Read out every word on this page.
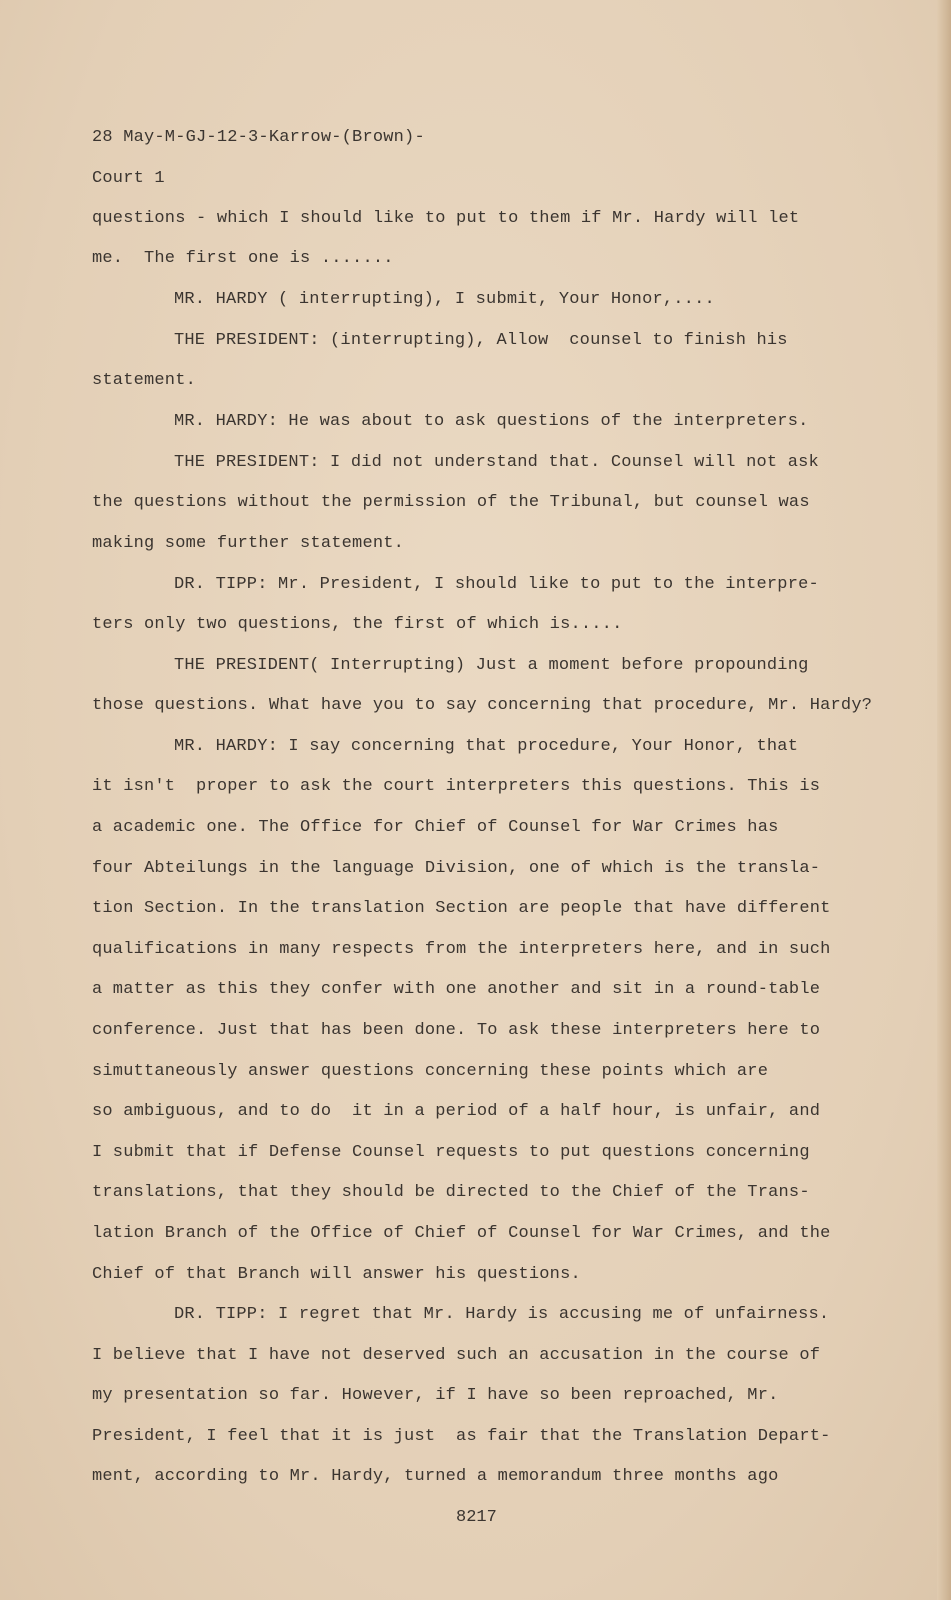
28 May-M-GJ-12-3-Karrow-(Brown)-
Court 1
questions - which I should like to put to them if Mr. Hardy will let
me.  The first one is .......
MR. HARDY ( interrupting), I submit, Your Honor,....
THE PRESIDENT: (interrupting), Allow  counsel to finish his
statement.
MR. HARDY: He was about to ask questions of the interpreters.
THE PRESIDENT: I did not understand that. Counsel will not ask
the questions without the permission of the Tribunal, but counsel was
making some further statement.
DR. TIPP: Mr. President, I should like to put to the interpre-
ters only two questions, the first of which is.....
THE PRESIDENT( Interrupting) Just a moment before propounding
those questions. What have you to say concerning that procedure, Mr. Hardy?
MR. HARDY: I say concerning that procedure, Your Honor, that
it isn't  proper to ask the court interpreters this questions. This is
a academic one. The Office for Chief of Counsel for War Crimes has
four Abteilungs in the language Division, one of which is the transla-
tion Section. In the translation Section are people that have different
qualifications in many respects from the interpreters here, and in such
a matter as this they confer with one another and sit in a round-table
conference. Just that has been done. To ask these interpreters here to
simuttaneously answer questions concerning these points which are
so ambiguous, and to do  it in a period of a half hour, is unfair, and
I submit that if Defense Counsel requests to put questions concerning
translations, that they should be directed to the Chief of the Trans-
lation Branch of the Office of Chief of Counsel for War Crimes, and the
Chief of that Branch will answer his questions.
DR. TIPP: I regret that Mr. Hardy is accusing me of unfairness.
I believe that I have not deserved such an accusation in the course of
my presentation so far. However, if I have so been reproached, Mr.
President, I feel that it is just  as fair that the Translation Depart-
ment, according to Mr. Hardy, turned a memorandum three months ago
8217
